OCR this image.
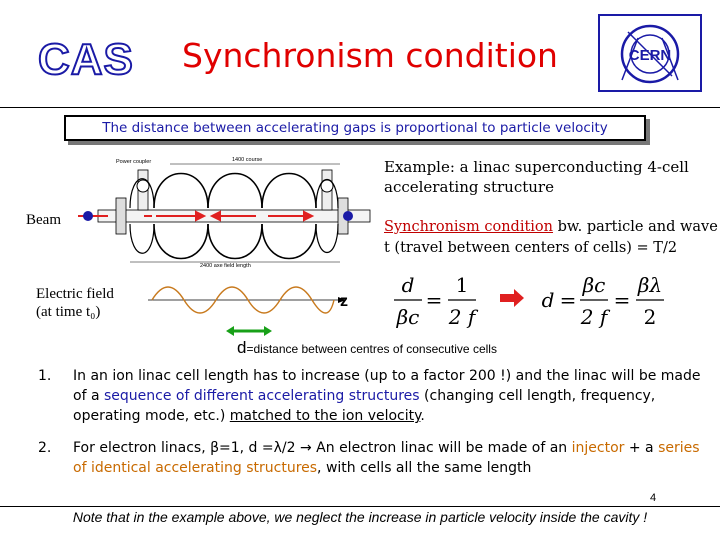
CAS	Synchronism condition	CERN
The distance between accelerating gaps is proportional to particle velocity
Beam
Electric field
(at time t₀)
Power coupler	1400 course
2400 axe field length
z
Example: a linac superconducting 4-cell accelerating structure
Synchronism condition bw. particle and wave
t (travel between centers of cells) = T/2
d
βc
=
1
2 f
d =
βc
2 f
=
βλ
2
d=distance between centres of consecutive cells
1. In an ion linac cell length has to increase (up to a factor 200 !) and the linac will be made of a sequence of different accelerating structures (changing cell length, frequency, operating mode, etc.) matched to the ion velocity.
2. For electron linacs, β=1, d =λ/2 → An electron linac will be made of an injector + a series of identical accelerating structures, with cells all the same length
4
Note that in the example above, we neglect the increase in particle velocity inside the cavity !
